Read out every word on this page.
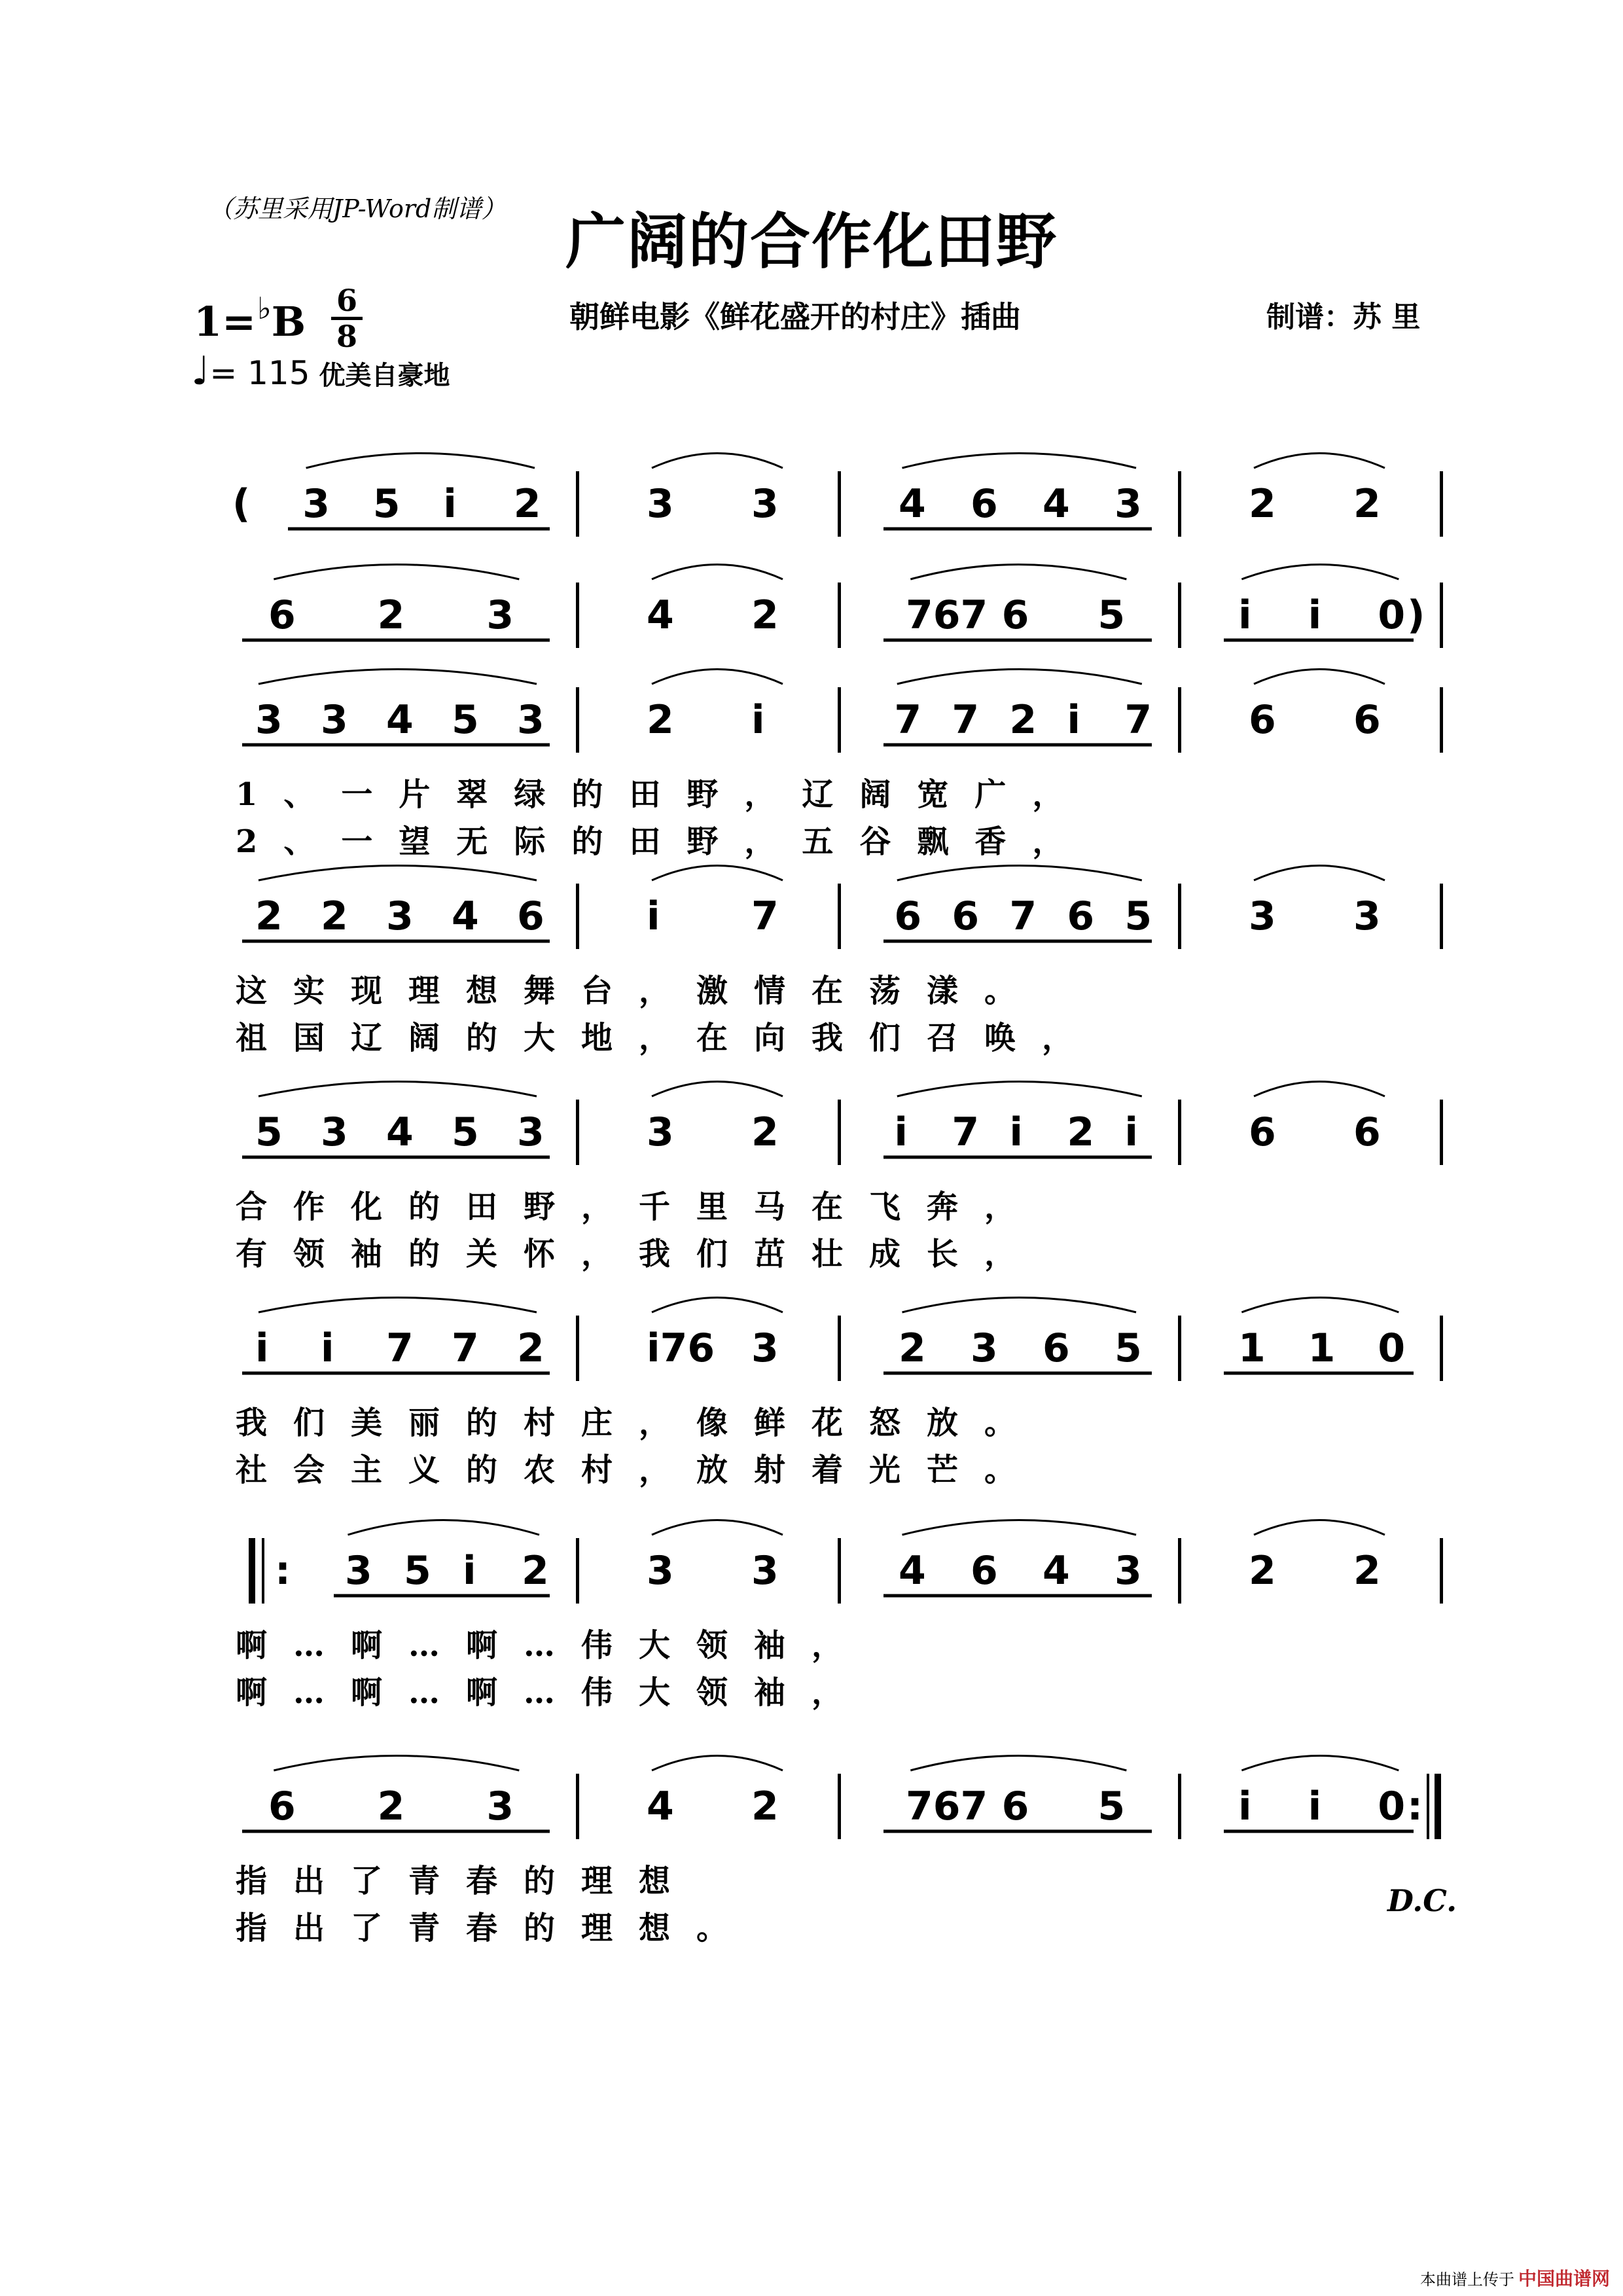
（苏里采用JP-Word制谱） 广阔的合作化田野
朝鲜电影《鲜花盛开的村庄》插曲	制谱：苏 里
1=♭B	6
8
♩= 115 优美自豪地
( 3 5 i 2	3 3	4 6 4 3	2 2
6 2 3	4 2	767 6 5	i i 0 )
3 3 4 5 3	2 i	7 7 2 i 7 6 6
1、一片翠绿的田野，辽阔宽广，
2、一望无际的田野，五谷飘香，
2 2 3 4 6	i 7	6 6 7 6 5 3 3
这实现理想舞台，激情在荡漾。
祖国辽阔的大地，在向我们召唤，
5 3 4 5 3	3 2	i 7 i 2 i	6 6
合作化的田野，千里马在飞奔，
有领袖的关怀，我们茁壮成长，
i i 7 7 2	i76 3	2 3 6 5 1 1 0
我们美丽的村庄，像鲜花怒放。
社会主义的农村，放射着光芒。
: 3 5 i 2 3 3	4 6 4 3	2 2
啊…啊…啊…伟大领袖，
啊…啊…啊…伟大领袖，
6 2 3	4 2	767 6 5	i i 0 :
D.C.
指出了青春的理想
指出了青春的理想。
本曲谱上传于 中国曲谱网
